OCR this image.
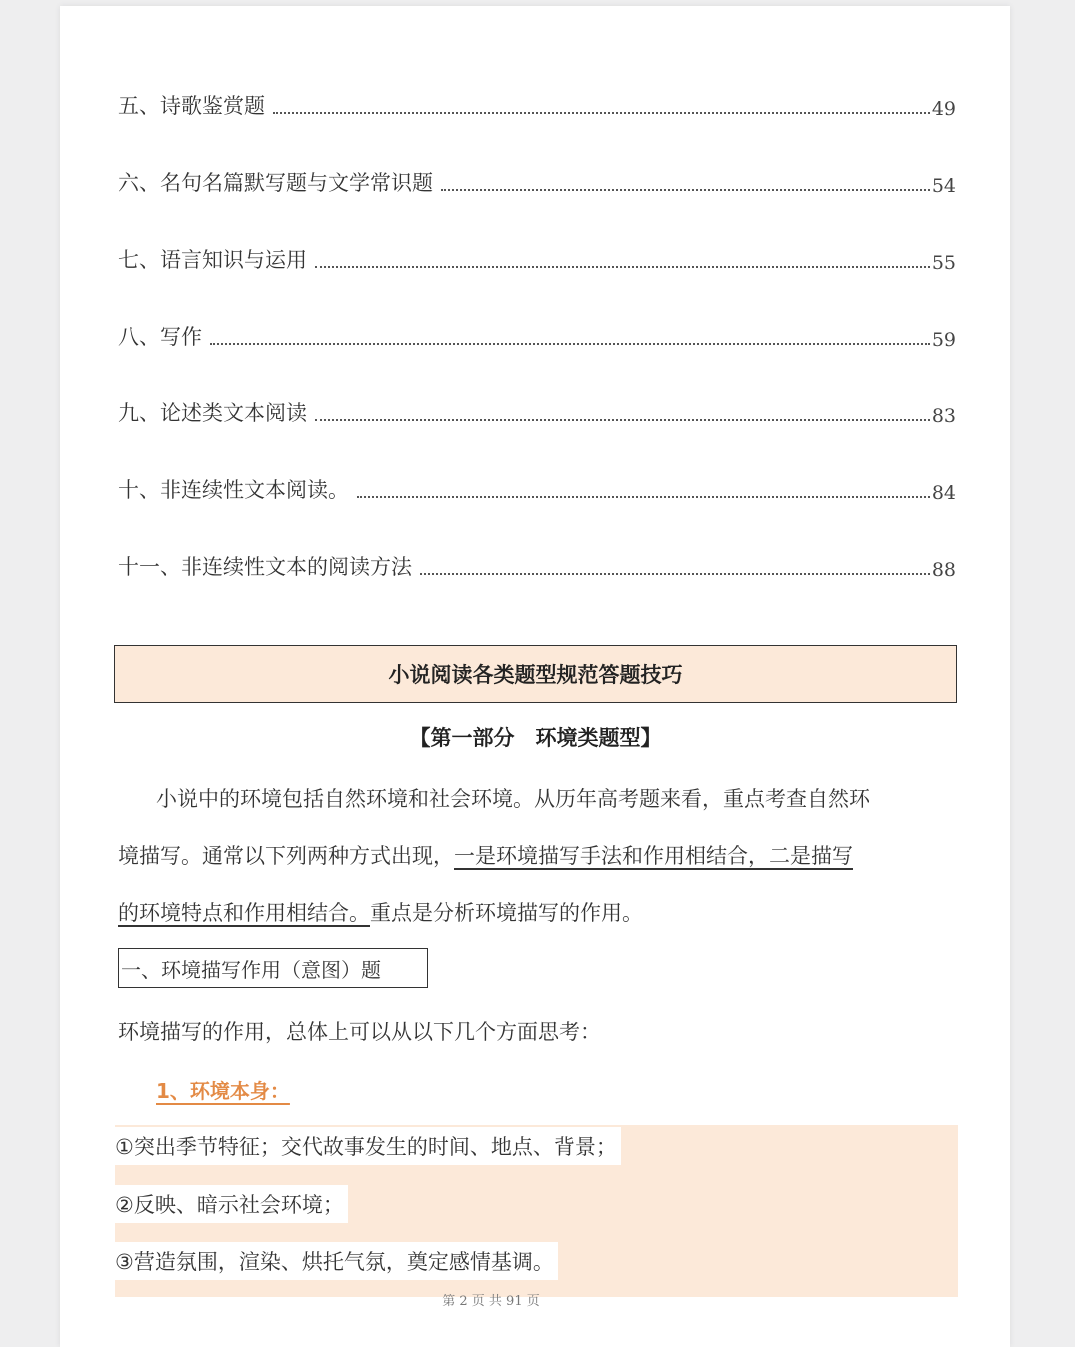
五、诗歌鉴赏题	49
六、名句名篇默写题与文学常识题	54
七、语言知识与运用	55
八、写作	59
九、论述类文本阅读	83
十、非连续性文本阅读。	84
十一、非连续性文本的阅读方法	88
小说阅读各类题型规范答题技巧
【第一部分　环境类题型】
小说中的环境包括自然环境和社会环境。从历年高考题来看，重点考查自然环
境描写。通常以下列两种方式出现，一是环境描写手法和作用相结合，二是描写
的环境特点和作用相结合。重点是分析环境描写的作用。
一、环境描写作用（意图）题
环境描写的作用，总体上可以从以下几个方面思考：
1、环境本身：
①突出季节特征；交代故事发生的时间、地点、背景；
②反映、暗示社会环境；
③营造氛围，渲染、烘托气氛，奠定感情基调。
第 2 页 共 91 页
